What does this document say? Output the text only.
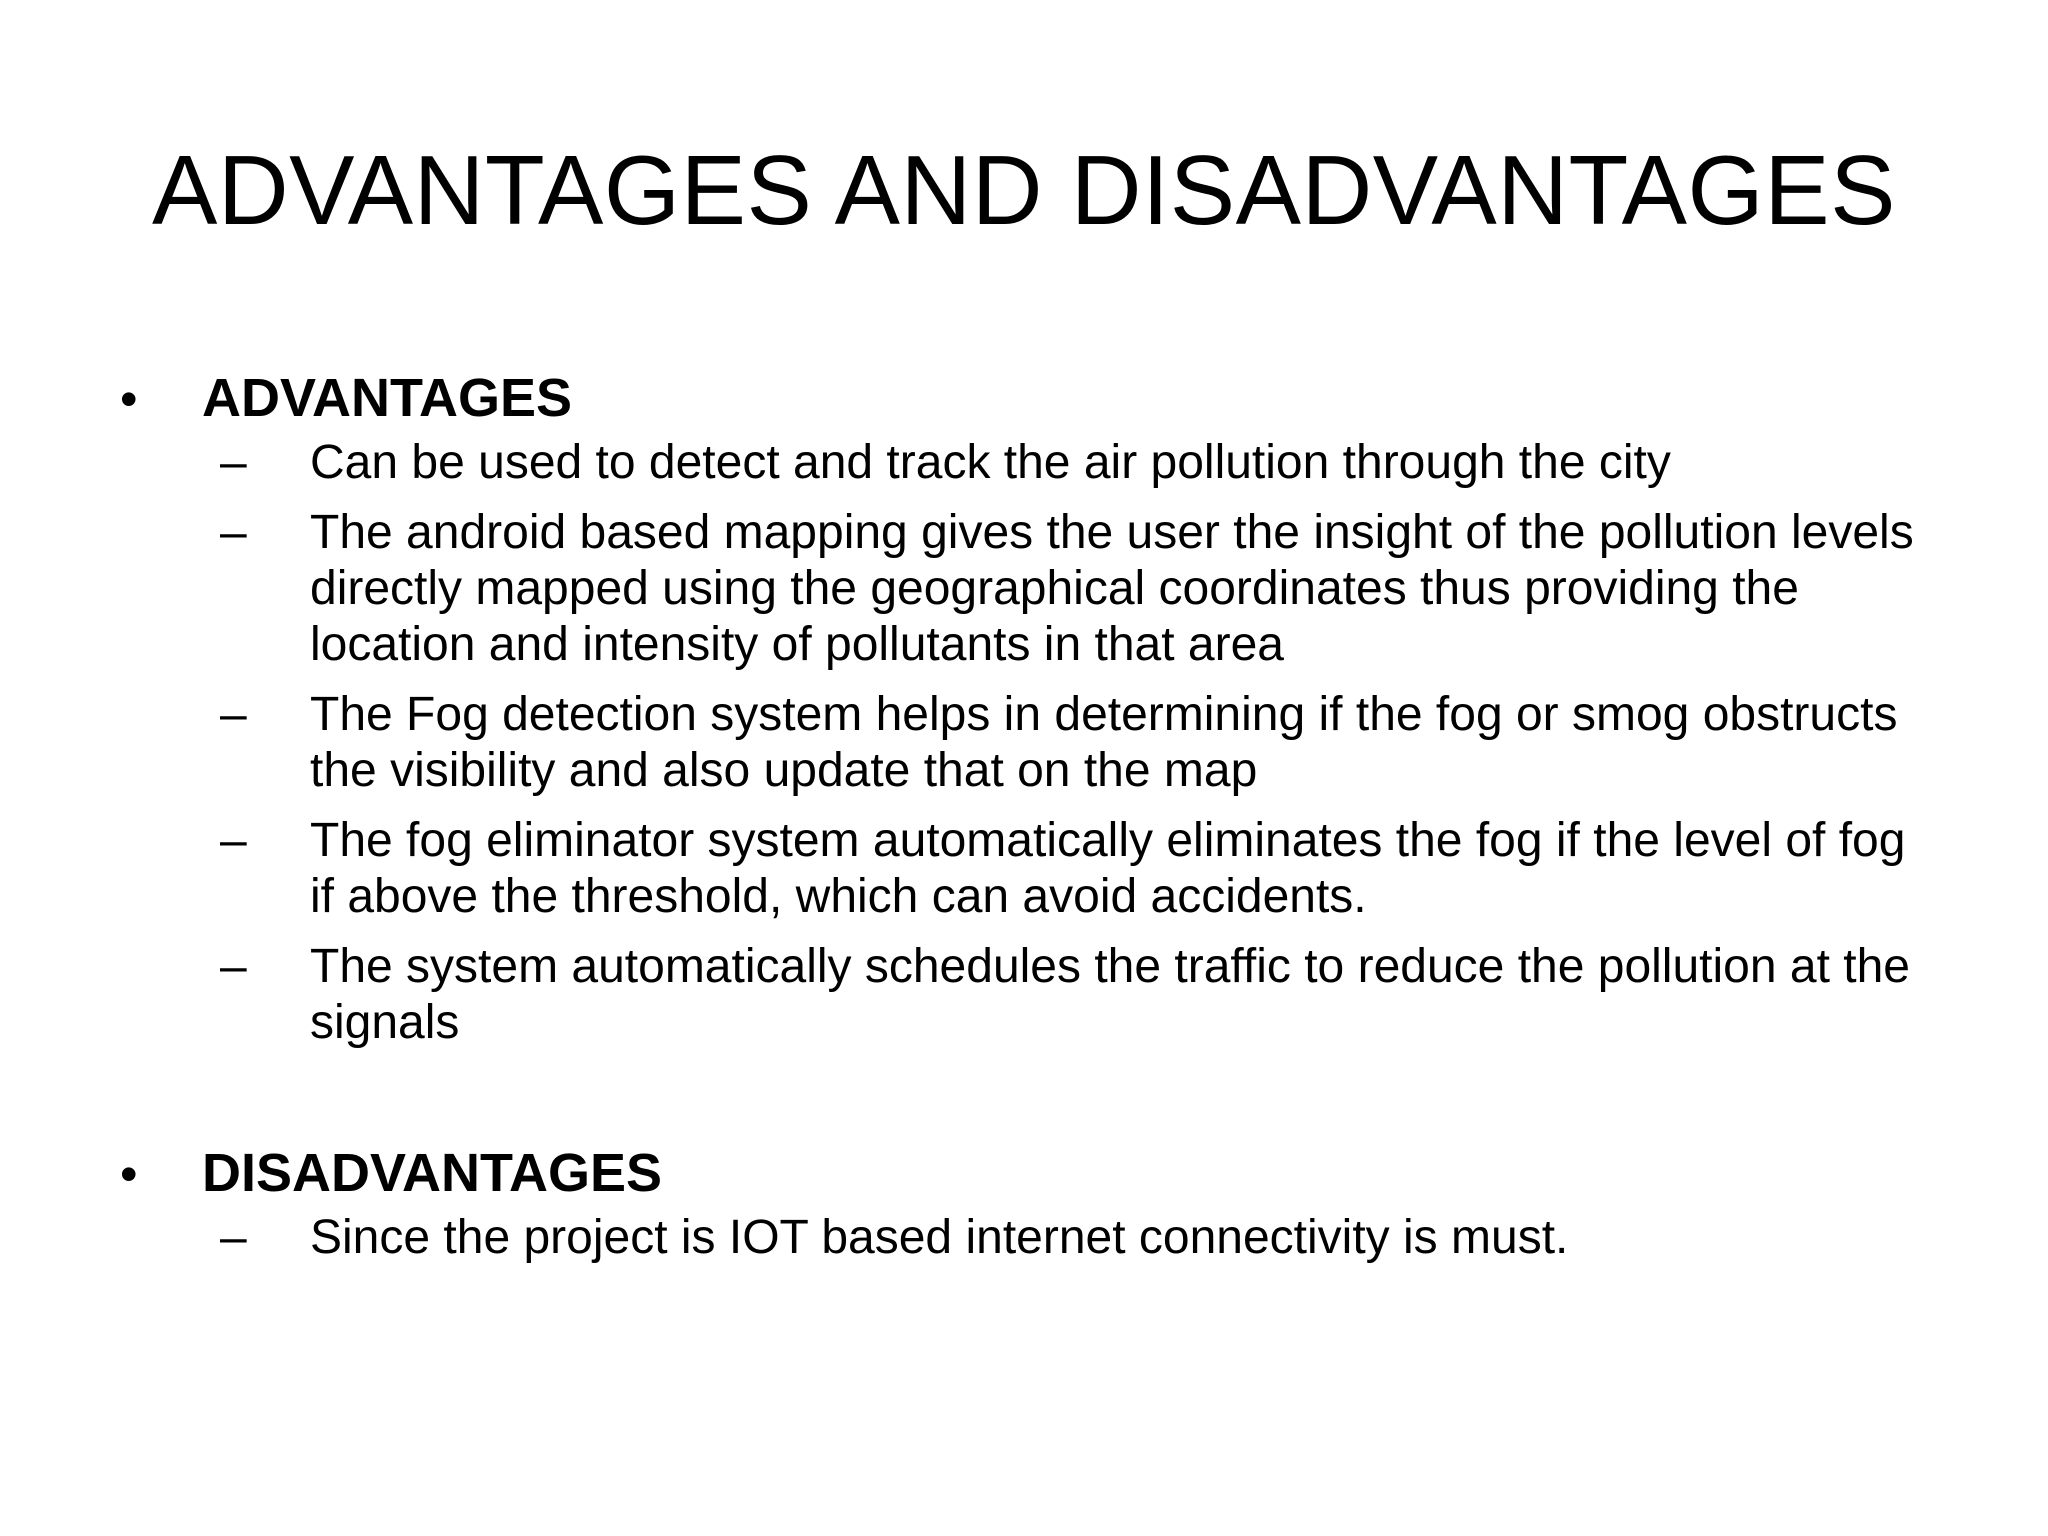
ADVANTAGES AND DISADVANTAGES
•	ADVANTAGES
–	Can be used to detect and track the air pollution through the city
–	The android based mapping gives the user the insight of the pollution levels directly mapped using the geographical coordinates thus providing the location and intensity of pollutants in that area
–	The Fog detection system helps in determining if the fog or smog obstructs the visibility and also update that on the map
–	The fog eliminator system automatically eliminates the fog if the level of fog if above the threshold, which can avoid accidents.
–	The system automatically schedules the traffic to reduce the pollution at the signals
•	DISADVANTAGES
–	Since the project is IOT based internet connectivity is must.
